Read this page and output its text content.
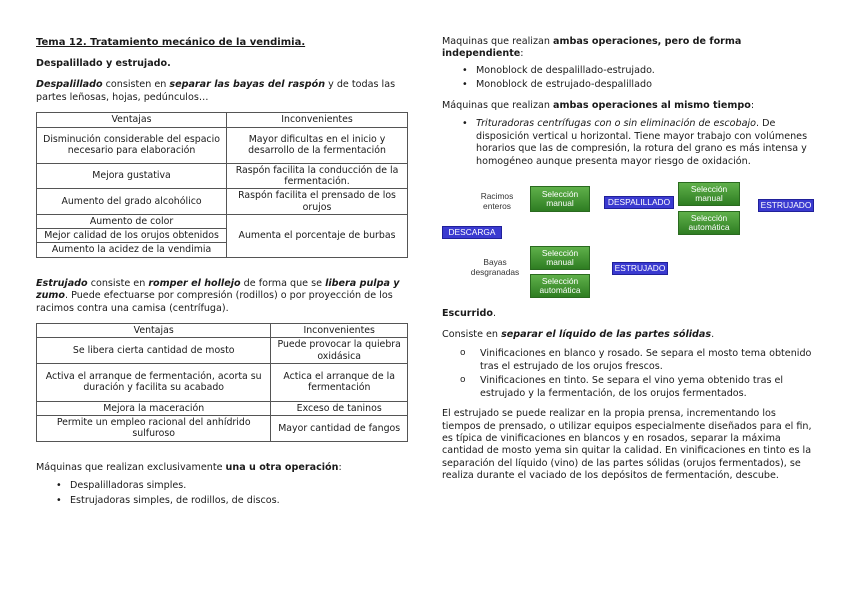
Tema 12. Tratamiento mecánico de la vendimia.
Despalillado y estrujado.

Despalillado consisten en separar las bayas del raspón y de todas las partes leñosas, hojas, pedúnculos…

Ventajas	Inconvenientes
Disminución considerable del espacio necesario para elaboración	Mayor dificultas en el inicio y desarrollo de la fermentación
Mejora gustativa	Raspón facilita la conducción de la fermentación.
Aumento del grado alcohólico	Raspón facilita el prensado de los orujos
Aumento de color	Aumenta el porcentaje de burbas
Mejor calidad de los orujos obtenidos	
Aumento la acidez de la vendimia	

Estrujado consiste en romper el hollejo de forma que se libera pulpa y zumo. Puede efectuarse por compresión (rodillos) o por proyección de los racimos contra una camisa (centrífuga).

Ventajas	Inconvenientes
Se libera cierta cantidad de mosto	Puede provocar la quiebra oxidásica
Activa el arranque de fermentación, acorta su duración y facilita su acabado	Actica el arranque de la fermentación
Mejora la maceración	Exceso de taninos
Permite un empleo racional del anhídrido sulfuroso	Mayor cantidad de fangos

Máquinas que realizan exclusivamente una u otra operación:

• Despalilladoras simples.
• Estrujadoras simples, de rodillos, de discos.

Maquinas que realizan ambas operaciones, pero de forma independiente:

• Monoblock de despalillado-estrujado.
• Monoblock de estrujado-despalillado

Máquinas que realizan ambas operaciones al mismo tiempo:

• Trituradoras centrífugas con o sin eliminación de escobajo. De disposición vertical u horizontal. Tiene mayor trabajo con volúmenes horarios que las de compresión, la rotura del grano es más intensa y homogéneo aunque presenta mayor riesgo de oxidación.
Racimos enteros
Selección manual	DESPALILLADO
Selección manual
Selección automática
ESTRUJADO
DESCARGA
Bayas desgranadas
Selección manual
ESTRUJADO
Selección automática

Escurrido.

Consiste en separar el líquido de las partes sólidas.

o Vinificaciones en blanco y rosado. Se separa el mosto tema obtenido tras el estrujado de los orujos frescos.
o Vinificaciones en tinto. Se separa el vino yema obtenido tras el estrujado y la fermentación, de los orujos fermentados.

El estrujado se puede realizar en la propia prensa, incrementando los tiempos de prensado, o utilizar equipos especialmente diseñados para el fin, es típica de vinificaciones en blancos y en rosados, separar la máxima cantidad de mosto yema sin quitar la calidad. En vinificaciones en tinto es la separación del líquido (vino) de las partes sólidas (orujos fermentados), se realiza durante el vaciado de los depósitos de fermentación, descube.
